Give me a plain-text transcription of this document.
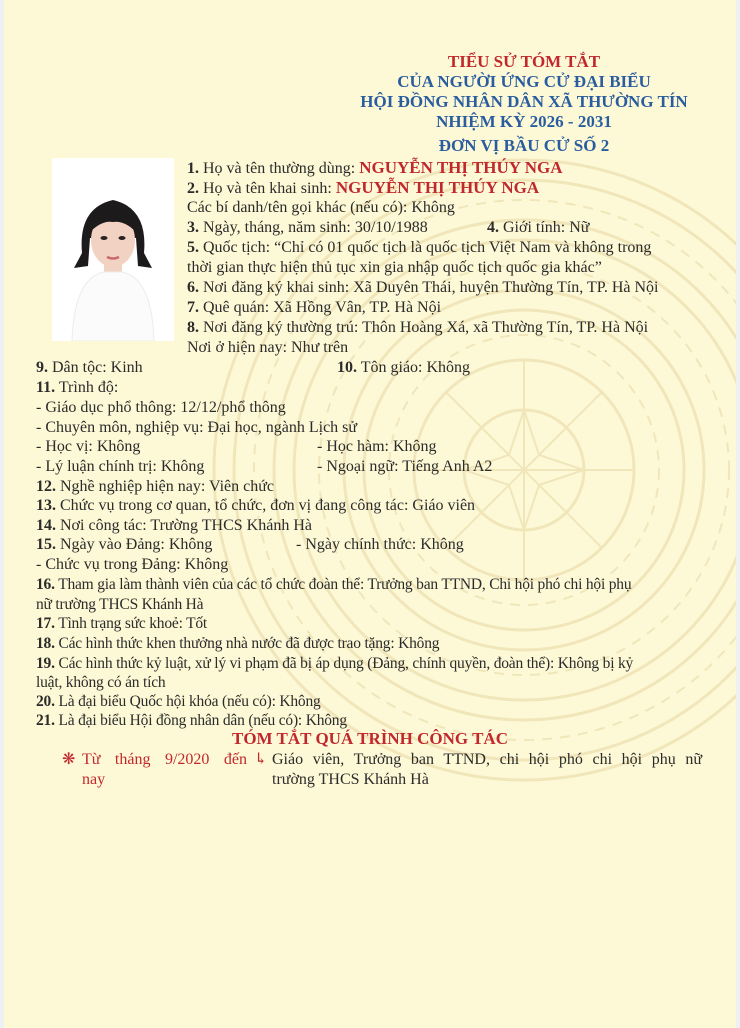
TIỂU SỬ TÓM TẮT
CỦA NGƯỜI ỨNG CỬ ĐẠI BIỂU
HỘI ĐỒNG NHÂN DÂN XÃ THƯỜNG TÍN
NHIỆM KỲ 2026 - 2031
ĐƠN VỊ BẦU CỬ SỐ 2
1. Họ và tên thường dùng: NGUYỄN THỊ THÚY NGA
2. Họ và tên khai sinh: NGUYỄN THỊ THÚY NGA
Các bí danh/tên gọi khác (nếu có): Không
3. Ngày, tháng, năm sinh: 30/10/1988	4. Giới tính: Nữ
5. Quốc tịch: “Chỉ có 01 quốc tịch là quốc tịch Việt Nam và không trong
thời gian thực hiện thủ tục xin gia nhập quốc tịch quốc gia khác”
6. Nơi đăng ký khai sinh: Xã Duyên Thái, huyện Thường Tín, TP. Hà Nội
7. Quê quán: Xã Hồng Vân, TP. Hà Nội
8. Nơi đăng ký thường trú: Thôn Hoàng Xá, xã Thường Tín, TP. Hà Nội
Nơi ở hiện nay: Như trên
9. Dân tộc: Kinh	10. Tôn giáo: Không
11. Trình độ:
- Giáo dục phổ thông: 12/12/phổ thông
- Chuyên môn, nghiệp vụ: Đại học, ngành Lịch sử
- Học vị: Không	- Học hàm: Không
- Lý luận chính trị: Không	- Ngoại ngữ: Tiếng Anh A2
12. Nghề nghiệp hiện nay: Viên chức
13. Chức vụ trong cơ quan, tổ chức, đơn vị đang công tác: Giáo viên
14. Nơi công tác: Trường THCS Khánh Hà
15. Ngày vào Đảng: Không	- Ngày chính thức: Không
- Chức vụ trong Đảng: Không
16. Tham gia làm thành viên của các tổ chức đoàn thể: Trưởng ban TTND, Chi hội phó chi hội phụ
nữ trường THCS Khánh Hà
17. Tình trạng sức khoẻ: Tốt
18. Các hình thức khen thưởng nhà nước đã được trao tặng: Không
19. Các hình thức kỷ luật, xử lý vi phạm đã bị áp dụng (Đảng, chính quyền, đoàn thể): Không bị kỷ
luật, không có án tích
20. Là đại biểu Quốc hội khóa (nếu có): Không
21. Là đại biểu Hội đồng nhân dân (nếu có): Không
TÓM TẮT QUÁ TRÌNH CÔNG TÁC
❋ Từ tháng 9/2020 đến
nay
↳ Giáo viên, Trưởng ban TTND, chi hội phó chi hội phụ nữ
trường THCS Khánh Hà
